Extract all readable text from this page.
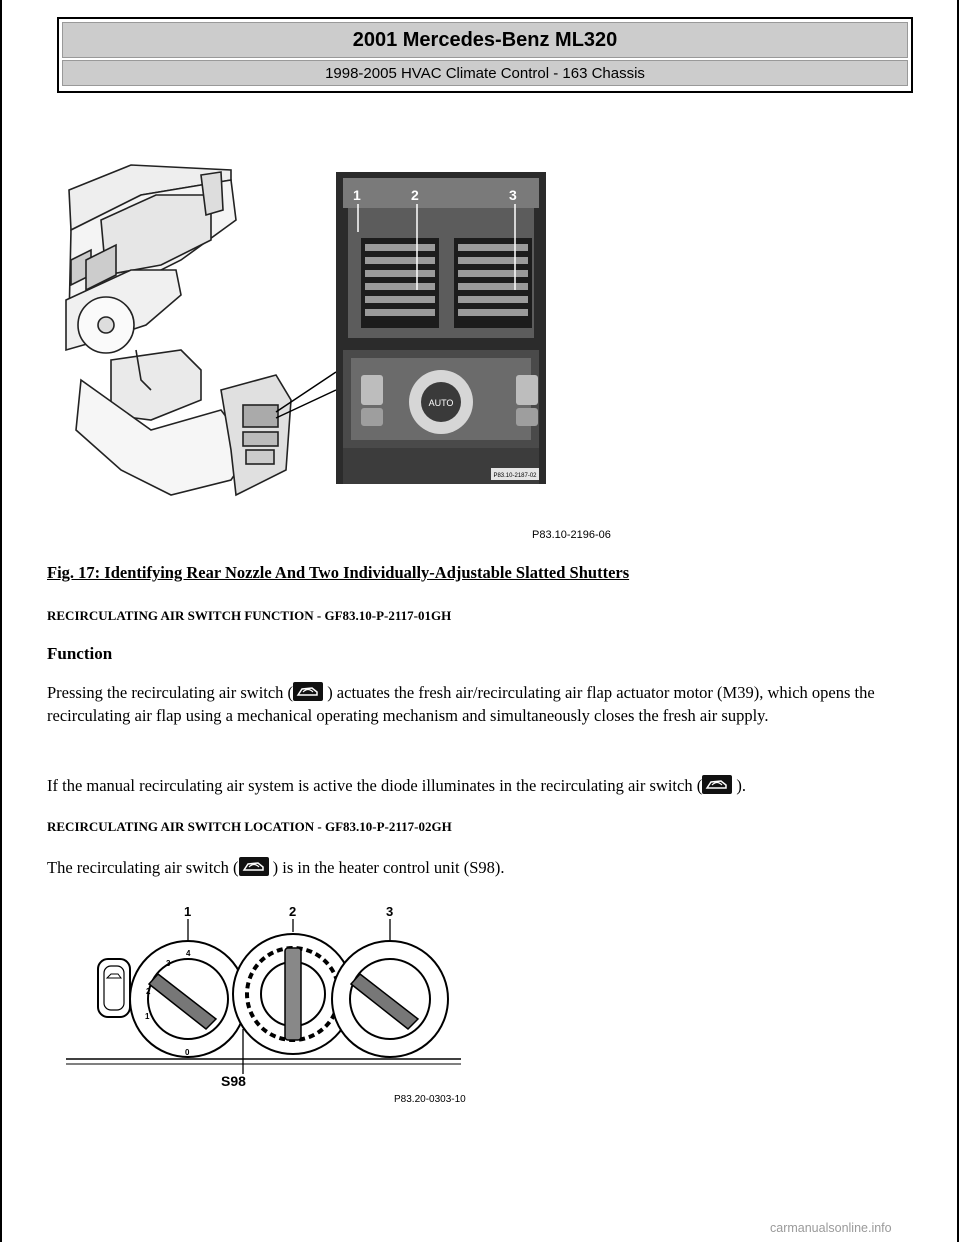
2001 Mercedes-Benz ML320
1998-2005 HVAC Climate Control - 163 Chassis
AUTO
P83.10-2187-02
1	2	3
P83.10-2196-06
Fig. 17: Identifying Rear Nozzle And Two Individually-Adjustable Slatted Shutters
RECIRCULATING AIR SWITCH FUNCTION - GF83.10-P-2117-01GH
Function
Pressing the recirculating air switch (
) actuates the fresh air/recirculating air flap actuator motor (M39), which opens the recirculating air flap using a mechanical operating mechanism and simultaneously closes the fresh air supply.
If the manual recirculating air system is active the diode illuminates in the recirculating air switch (
).
RECIRCULATING AIR SWITCH LOCATION - GF83.10-P-2117-02GH
The recirculating air switch (
) is in the heater control unit (S98).
1	2	3
0
1
2
3
4
S98
P83.20-0303-10
carmanualsonline.info
